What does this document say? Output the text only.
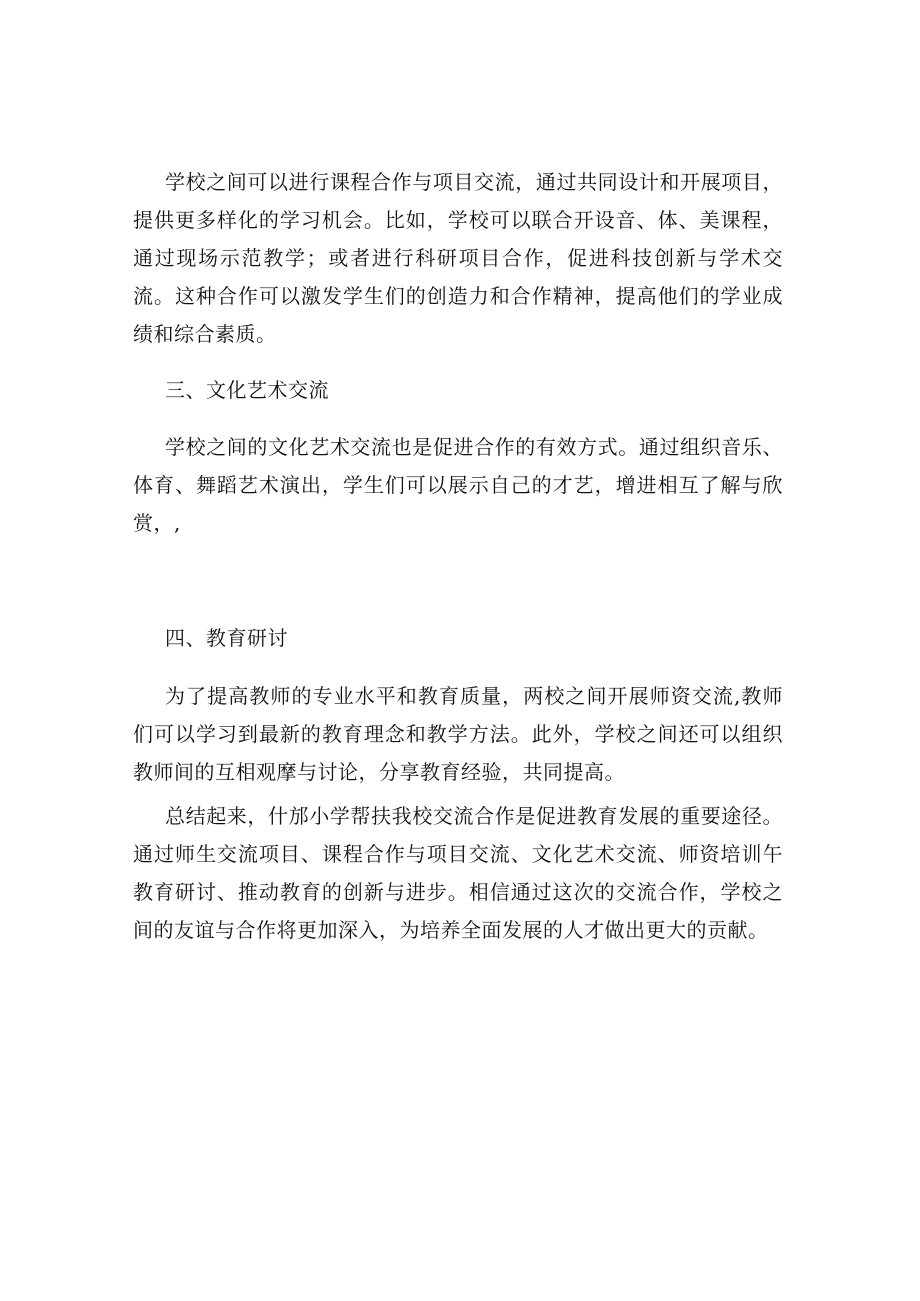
学校之间可以进行课程合作与项目交流，通过共同设计和开展项目，提供更多样化的学习机会。比如，学校可以联合开设音、体、美课程，通过现场示范教学；或者进行科研项目合作，促进科技创新与学术交流。这种合作可以激发学生们的创造力和合作精神，提高他们的学业成绩和综合素质。

三、文化艺术交流

学校之间的文化艺术交流也是促进合作的有效方式。通过组织音乐、体育、舞蹈艺术演出，学生们可以展示自己的才艺，增进相互了解与欣赏，,

四、教育研讨

为了提高教师的专业水平和教育质量，两校之间开展师资交流,教师们可以学习到最新的教育理念和教学方法。此外，学校之间还可以组织教师间的互相观摩与讨论，分享教育经验，共同提高。

总结起来，什邡小学帮扶我校交流合作是促进教育发展的重要途径。通过师生交流项目、课程合作与项目交流、文化艺术交流、师资培训午教育研讨、推动教育的创新与进步。相信通过这次的交流合作，学校之间的友谊与合作将更加深入，为培养全面发展的人才做出更大的贡献。
